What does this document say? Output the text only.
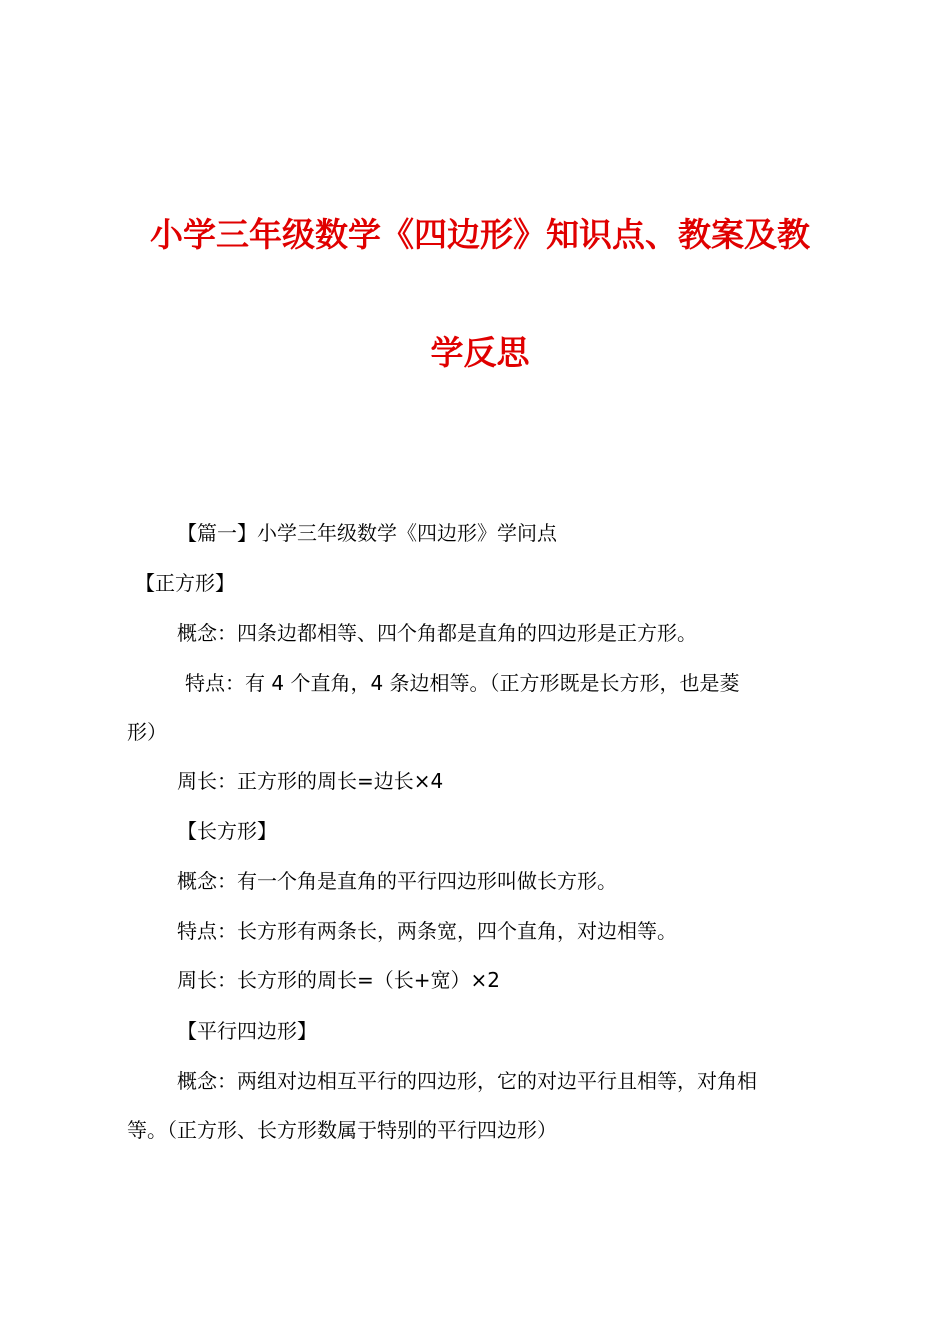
小学三年级数学《四边形》知识点、教案及教
学反思
【篇一】小学三年级数学《四边形》学问点
【正方形】
概念：四条边都相等、四个角都是直角的四边形是正方形。
特点：有 4 个直角，4 条边相等。（正方形既是长方形，也是菱
形）
周长：正方形的周长=边长×4
【长方形】
概念：有一个角是直角的平行四边形叫做长方形。
特点：长方形有两条长，两条宽，四个直角，对边相等。
周长：长方形的周长=（长+宽）×2
【平行四边形】
概念：两组对边相互平行的四边形，它的对边平行且相等，对角相
等。（正方形、长方形数属于特别的平行四边形）
